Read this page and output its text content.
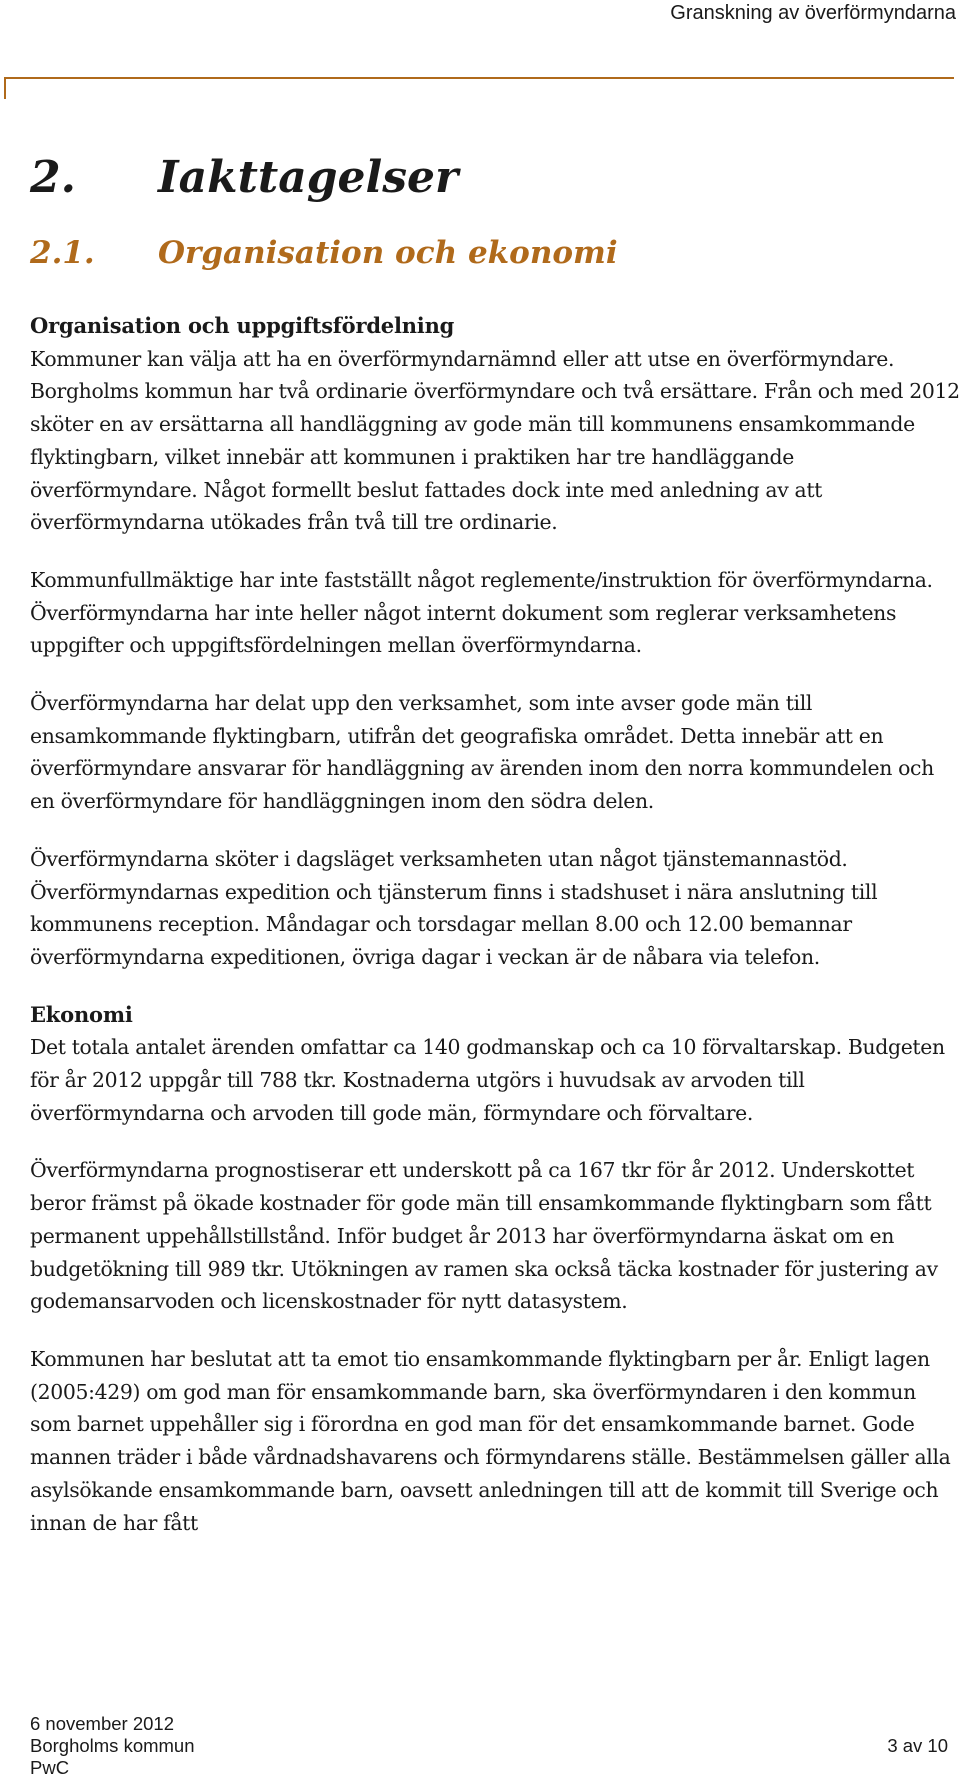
Granskning av överförmyndarna
2. Iakttagelser
2.1. Organisation och ekonomi
Organisation och uppgiftsfördelning

Kommuner kan välja att ha en överförmyndarnämnd eller att utse en överförmyndare. Borgholms kommun har två ordinarie överförmyndare och två ersättare. Från och med 2012 sköter en av ersättarna all handläggning av gode män till kommunens ensamkommande flyktingbarn, vilket innebär att kommunen i praktiken har tre handläggande överförmyndare. Något formellt beslut fattades dock inte med anledning av att överförmyndarna utökades från två till tre ordinarie.

Kommunfullmäktige har inte fastställt något reglemente/instruktion för överförmyndarna. Överförmyndarna har inte heller något internt dokument som reglerar verksamhetens uppgifter och uppgiftsfördelningen mellan överförmyndarna.

Överförmyndarna har delat upp den verksamhet, som inte avser gode män till ensamkommande flyktingbarn, utifrån det geografiska området. Detta innebär att en överförmyndare ansvarar för handläggning av ärenden inom den norra kommundelen och en överförmyndare för handläggningen inom den södra delen.

Överförmyndarna sköter i dagsläget verksamheten utan något tjänstemannastöd. Överförmyndarnas expedition och tjänsterum finns i stadshuset i nära anslutning till kommunens reception. Måndagar och torsdagar mellan 8.00 och 12.00 bemannar överförmyndarna expeditionen, övriga dagar i veckan är de nåbara via telefon.

Ekonomi

Det totala antalet ärenden omfattar ca 140 godmanskap och ca 10 förvaltarskap. Budgeten för år 2012 uppgår till 788 tkr. Kostnaderna utgörs i huvudsak av arvoden till överförmyndarna och arvoden till gode män, förmyndare och förvaltare.

Överförmyndarna prognostiserar ett underskott på ca 167 tkr för år 2012. Underskottet beror främst på ökade kostnader för gode män till ensamkommande flyktingbarn som fått permanent uppehållstillstånd. Inför budget år 2013 har överförmyndarna äskat om en budgetökning till 989 tkr. Utökningen av ramen ska också täcka kostnader för justering av godemansarvoden och licenskostnader för nytt datasystem.

Kommunen har beslutat att ta emot tio ensamkommande flyktingbarn per år. Enligt lagen (2005:429) om god man för ensamkommande barn, ska överförmyndaren i den kommun som barnet uppehåller sig i förordna en god man för det ensamkommande barnet. Gode mannen träder i både vårdnadshavarens och förmyndarens ställe. Bestämmelsen gäller alla asylsökande ensamkommande barn, oavsett anledningen till att de kommit till Sverige och innan de har fått

6 november 2012
Borgholms kommun
PwC
3 av 10
